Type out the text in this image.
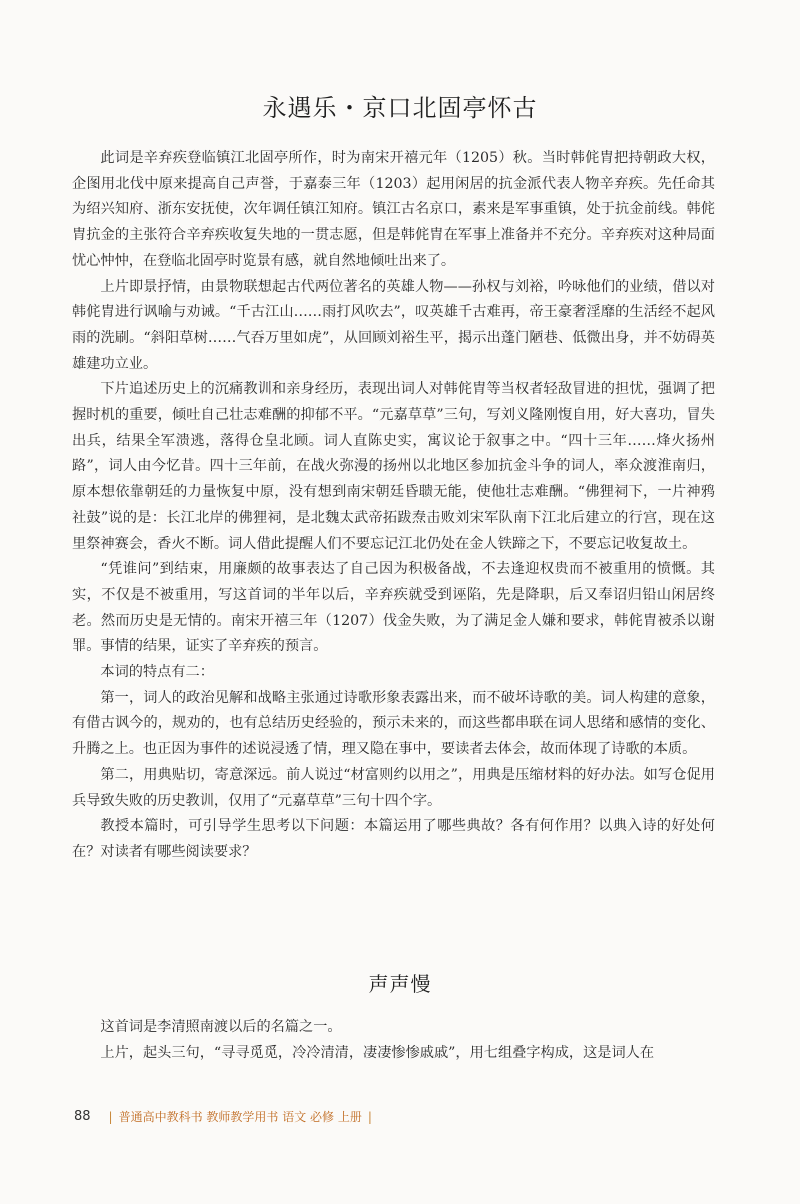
永遇乐・京口北固亭怀古

此词是辛弃疾登临镇江北固亭所作，时为南宋开禧元年（1205）秋。当时韩侂胄把持朝政大权，企图用北伐中原来提高自己声誉，于嘉泰三年（1203）起用闲居的抗金派代表人物辛弃疾。先任命其为绍兴知府、浙东安抚使，次年调任镇江知府。镇江古名京口，素来是军事重镇，处于抗金前线。韩侂胄抗金的主张符合辛弃疾收复失地的一贯志愿，但是韩侂胄在军事上准备并不充分。辛弃疾对这种局面忧心忡忡，在登临北固亭时览景有感，就自然地倾吐出来了。

上片即景抒情，由景物联想起古代两位著名的英雄人物——孙权与刘裕，吟咏他们的业绩，借以对韩侂胄进行讽喻与劝诫。“千古江山……雨打风吹去”，叹英雄千古难再，帝王豪奢淫靡的生活经不起风雨的洗刷。“斜阳草树……气吞万里如虎”，从回顾刘裕生平，揭示出蓬门陋巷、低微出身，并不妨碍英雄建功立业。

下片追述历史上的沉痛教训和亲身经历，表现出词人对韩侂胄等当权者轻敌冒进的担忧，强调了把握时机的重要，倾吐自己壮志难酬的抑郁不平。“元嘉草草”三句，写刘义隆刚愎自用，好大喜功，冒失出兵，结果全军溃逃，落得仓皇北顾。词人直陈史实，寓议论于叙事之中。“四十三年……烽火扬州路”，词人由今忆昔。四十三年前，在战火弥漫的扬州以北地区参加抗金斗争的词人，率众渡淮南归，原本想依靠朝廷的力量恢复中原，没有想到南宋朝廷昏聩无能，使他壮志难酬。“佛狸祠下，一片神鸦社鼓”说的是：长江北岸的佛狸祠，是北魏太武帝拓跋焘击败刘宋军队南下江北后建立的行宫，现在这里祭神赛会，香火不断。词人借此提醒人们不要忘记江北仍处在金人铁蹄之下，不要忘记收复故土。

“凭谁问”到结束，用廉颇的故事表达了自己因为积极备战，不去逢迎权贵而不被重用的愤慨。其实，不仅是不被重用，写这首词的半年以后，辛弃疾就受到诬陷，先是降职，后又奉诏归铅山闲居终老。然而历史是无情的。南宋开禧三年（1207）伐金失败，为了满足金人嫌和要求，韩侂胄被杀以谢罪。事情的结果，证实了辛弃疾的预言。

本词的特点有二：

第一，词人的政治见解和战略主张通过诗歌形象表露出来，而不破坏诗歌的美。词人构建的意象，有借古讽今的，规劝的，也有总结历史经验的，预示未来的，而这些都串联在词人思绪和感情的变化、升腾之上。也正因为事件的述说浸透了情，理又隐在事中，要读者去体会，故而体现了诗歌的本质。

第二，用典贴切，寄意深远。前人说过“材富则约以用之”，用典是压缩材料的好办法。如写仓促用兵导致失败的历史教训，仅用了“元嘉草草”三句十四个字。

教授本篇时，可引导学生思考以下问题：本篇运用了哪些典故？各有何作用？以典入诗的好处何在？对读者有哪些阅读要求？

声声慢

这首词是李清照南渡以后的名篇之一。

上片，起头三句，“寻寻觅觅，冷冷清清，凄凄惨惨戚戚”，用七组叠字构成，这是词人在

88 | 普通高中教科书 教师教学用书 语文 必修 上册 |
